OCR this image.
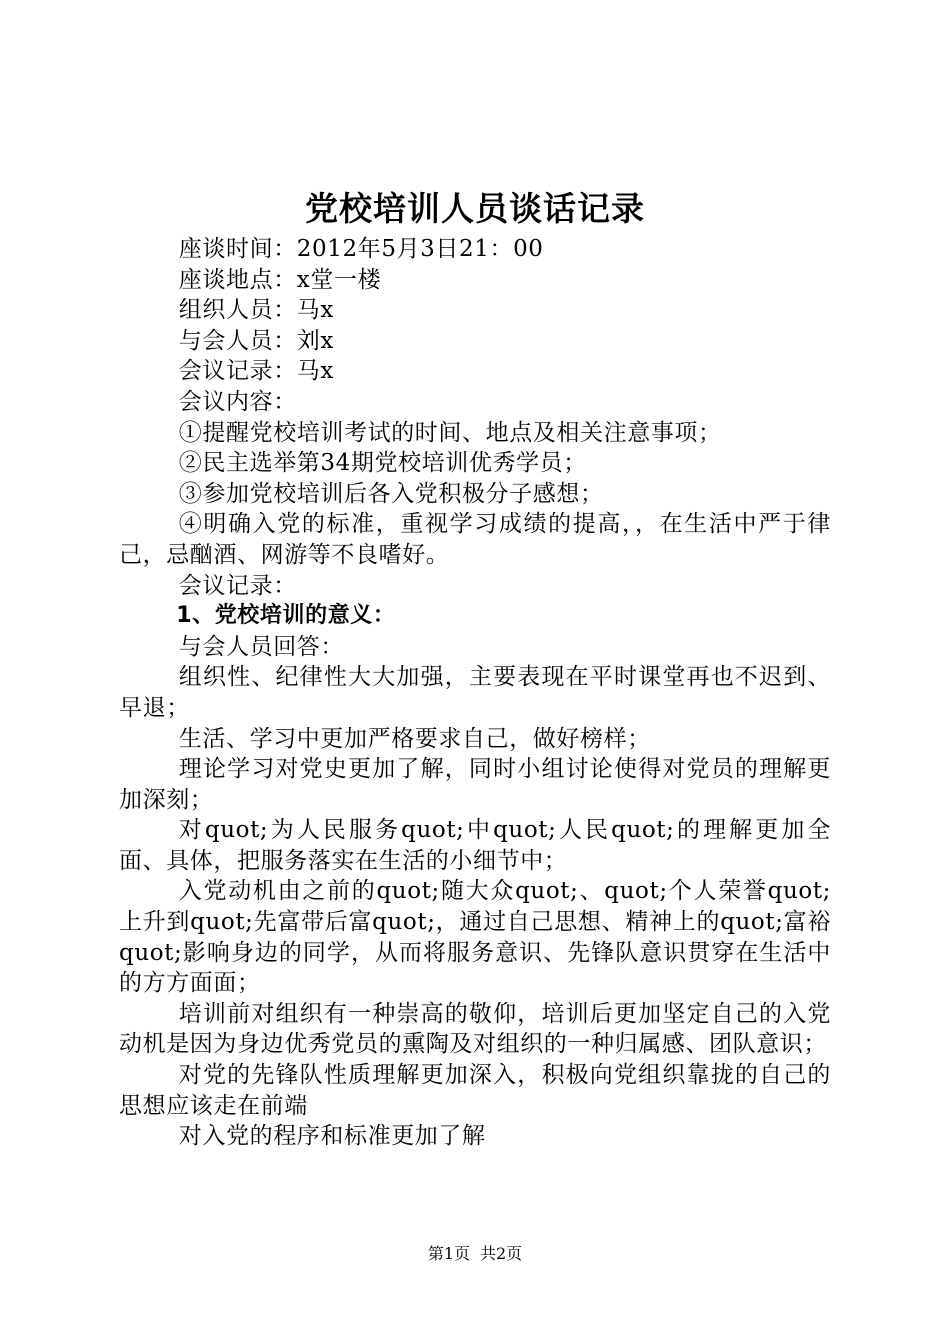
党校培训人员谈话记录

座谈时间：2012年5月3日21：00

座谈地点：x堂一楼

组织人员：马x

与会人员：刘x

会议记录：马x

会议内容：

①提醒党校培训考试的时间、地点及相关注意事项；

②民主选举第34期党校培训优秀学员；

③参加党校培训后各入党积极分子感想；

④明确入党的标准，重视学习成绩的提高，，在生活中严于律己，忌酗酒、网游等不良嗜好。

会议记录：

1、党校培训的意义：

与会人员回答：

组织性、纪律性大大加强，主要表现在平时课堂再也不迟到、早退；

生活、学习中更加严格要求自己，做好榜样；

理论学习对党史更加了解，同时小组讨论使得对党员的理解更加深刻；

对quot;为人民服务quot;中quot;人民quot;的理解更加全面、具体，把服务落实在生活的小细节中；

入党动机由之前的quot;随大众quot;、quot;个人荣誉quot;上升到quot;先富带后富quot;，通过自己思想、精神上的quot;富裕quot;影响身边的同学，从而将服务意识、先锋队意识贯穿在生活中的方方面面；

培训前对组织有一种崇高的敬仰，培训后更加坚定自己的入党动机是因为身边优秀党员的熏陶及对组织的一种归属感、团队意识；

对党的先锋队性质理解更加深入，积极向党组织靠拢的自己的思想应该走在前端

对入党的程序和标准更加了解

第1页 共2页
